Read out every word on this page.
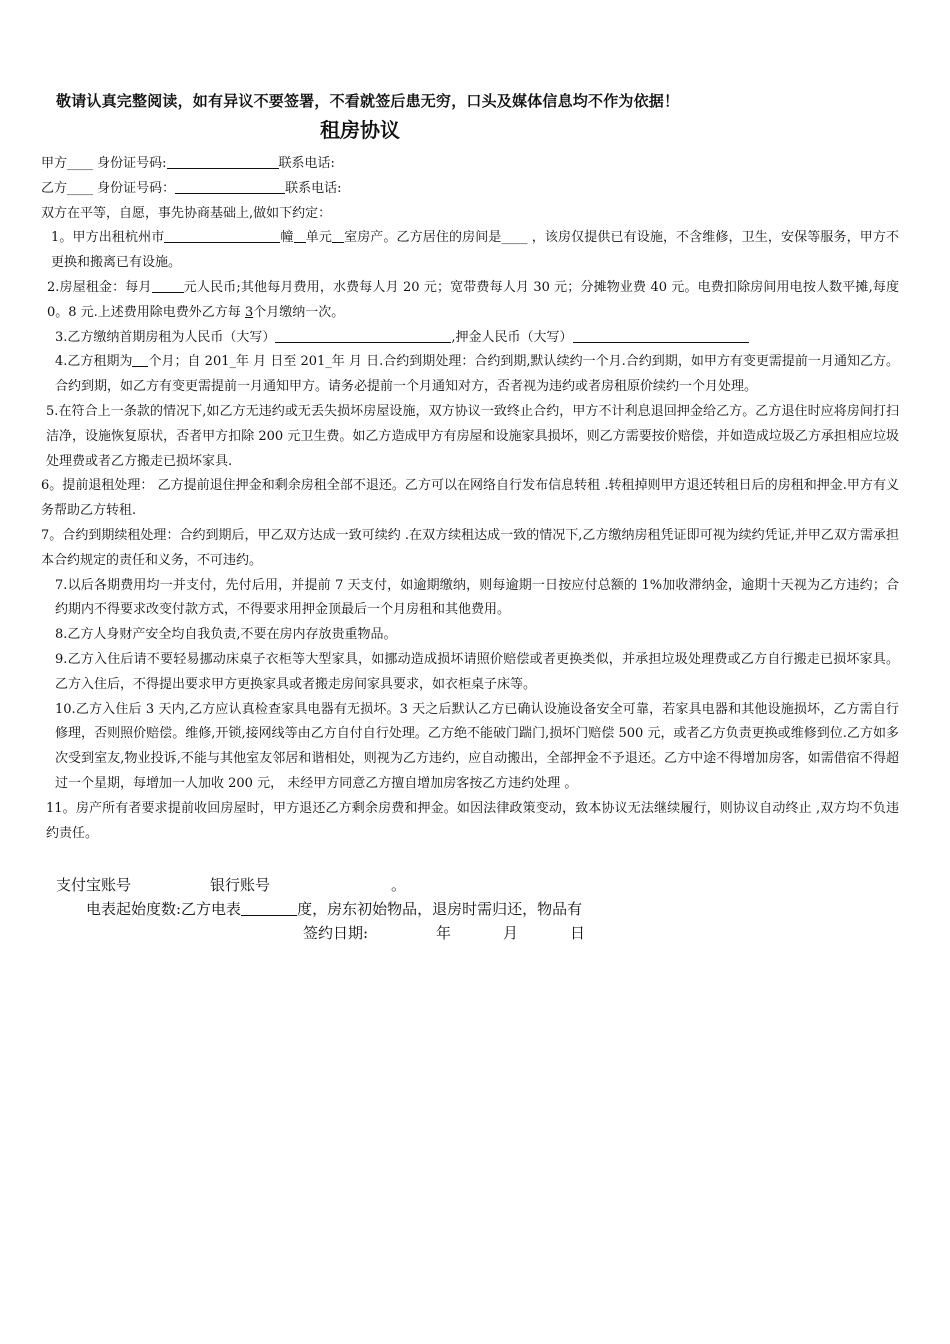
敬请认真完整阅读，如有异议不要签署，不看就签后患无穷，口头及媒体信息均不作为依据！
租房协议

甲方____ 身份证号码:	联系电话:

乙方____ 身份证号码：	联系电话:

双方在平等，自愿，事先协商基础上,做如下约定：

1。甲方出租杭州市	幢 单元 室房产。乙方居住的房间是____ ，该房仅提供已有设施，不含维修，卫生，安保等服务，甲方不更换和搬离已有设施。

2.房屋租金：每月 元人民币;其他每月费用，水费每人月 20 元；宽带费每人月 30 元；分摊物业费 40 元。电费扣除房间用电按人数平摊,每度 0。8 元.上述费用除电费外乙方每 3个月缴纳一次。

3.乙方缴纳首期房租为人民币（大写）	,押金人民币（大写）

4.乙方租期为 个月；自 201_年 月 日至 201_年 月 日.合约到期处理：合约到期,默认续约一个月.合约到期，如甲方有变更需提前一月通知乙方。合约到期，如乙方有变更需提前一月通知甲方。请务必提前一个月通知对方，否者视为违约或者房租原价续约一个月处理。

5.在符合上一条款的情况下,如乙方无违约或无丢失损坏房屋设施，双方协议一致终止合约，甲方不计利息退回押金给乙方。乙方退住时应将房间打扫洁净，设施恢复原状，否者甲方扣除 200 元卫生费。如乙方造成甲方有房屋和设施家具损坏，则乙方需要按价赔偿，并如造成垃圾乙方承担相应垃圾处理费或者乙方搬走已损坏家具.

6。提前退租处理： 乙方提前退住押金和剩余房租全部不退还。乙方可以在网络自行发布信息转租 .转租掉则甲方退还转租日后的房租和押金.甲方有义务帮助乙方转租.

7。合约到期续租处理：合约到期后，甲乙双方达成一致可续约 .在双方续租达成一致的情况下,乙方缴纳房租凭证即可视为续约凭证,并甲乙双方需承担本合约规定的责任和义务，不可违约。

7.以后各期费用均一并支付，先付后用，并提前 7 天支付，如逾期缴纳，则每逾期一日按应付总额的 1%加收滞纳金，逾期十天视为乙方违约；合约期内不得要求改变付款方式，不得要求用押金顶最后一个月房租和其他费用。

8.乙方人身财产安全均自我负责,不要在房内存放贵重物品。

9.乙方入住后请不要轻易挪动床桌子衣柜等大型家具，如挪动造成损坏请照价赔偿或者更换类似，并承担垃圾处理费或乙方自行搬走已损坏家具。乙方入住后，不得提出要求甲方更换家具或者搬走房间家具要求，如衣柜桌子床等。

10.乙方入住后 3 天内,乙方应认真检查家具电器有无损坏。3 天之后默认乙方已确认设施设备安全可靠，若家具电器和其他设施损坏，乙方需自行修理，否则照价赔偿。维修,开锁,接网线等由乙方自付自行处理。乙方绝不能破门踹门,损坏门赔偿 500 元，或者乙方负责更换或维修到位.乙方如多次受到室友,物业投诉,不能与其他室友邻居和谐相处，则视为乙方违约，应自动搬出，全部押金不予退还。乙方中途不得增加房客，如需借宿不得超过一个星期，每增加一人加收 200 元， 未经甲方同意乙方擅自增加房客按乙方违约处理 。

11。房产所有者要求提前收回房屋时，甲方退还乙方剩余房费和押金。如因法律政策变动，致本协议无法继续履行，则协议自动终止 ,双方均不负违约责任。

支付宝账号	银行账号	。
电表起始度数:乙方电表	度，房东初始物品，退房时需归还，物品有
签约日期:	年	月	日
